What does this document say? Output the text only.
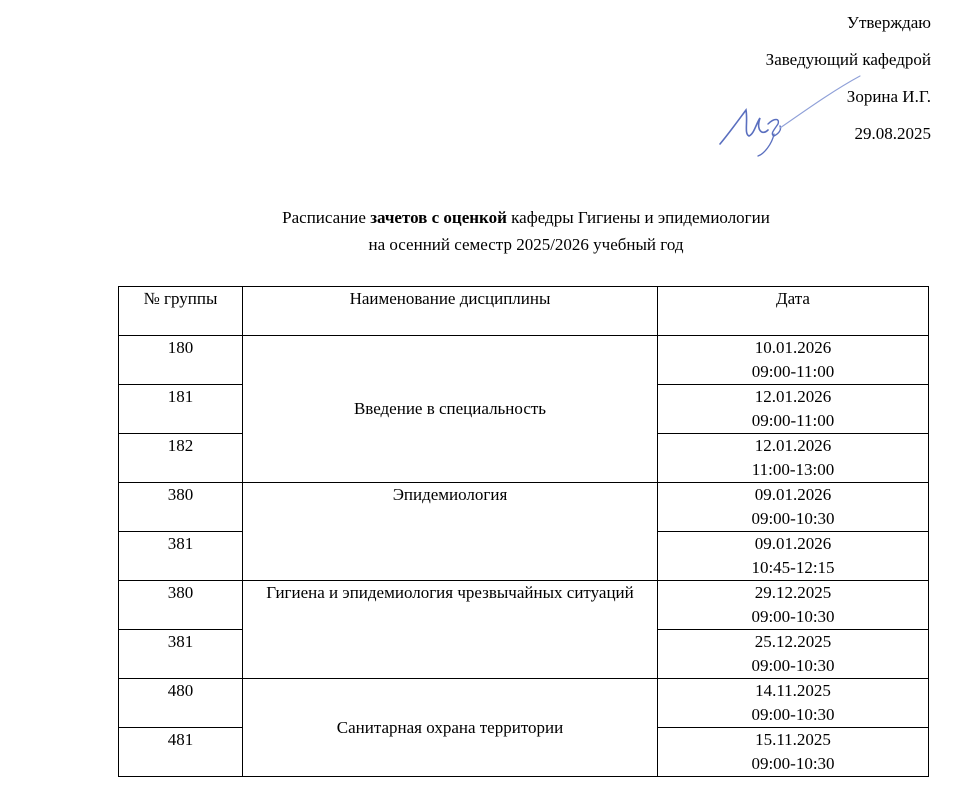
Утверждаю
Заведующий кафедрой
Зорина И.Г.
29.08.2025
Расписание зачетов с оценкой кафедры Гигиены и эпидемиологии
на осенний семестр 2025/2026 учебный год
№ группы	Наименование дисциплины	Дата
180	Введение в специальность	10.01.2026
09:00-11:00

181		12.01.2026
09:00-11:00

182		12.01.2026
11:00-13:00

380	Эпидемиология	09.01.2026
09:00-10:30

381		09.01.2026
10:45-12:15

380	Гигиена и эпидемиология чрезвычайных ситуаций	29.12.2025
09:00-10:30

381		25.12.2025
09:00-10:30

480	Санитарная охрана территории	14.11.2025
09:00-10:30

481		15.11.2025
09:00-10:30
